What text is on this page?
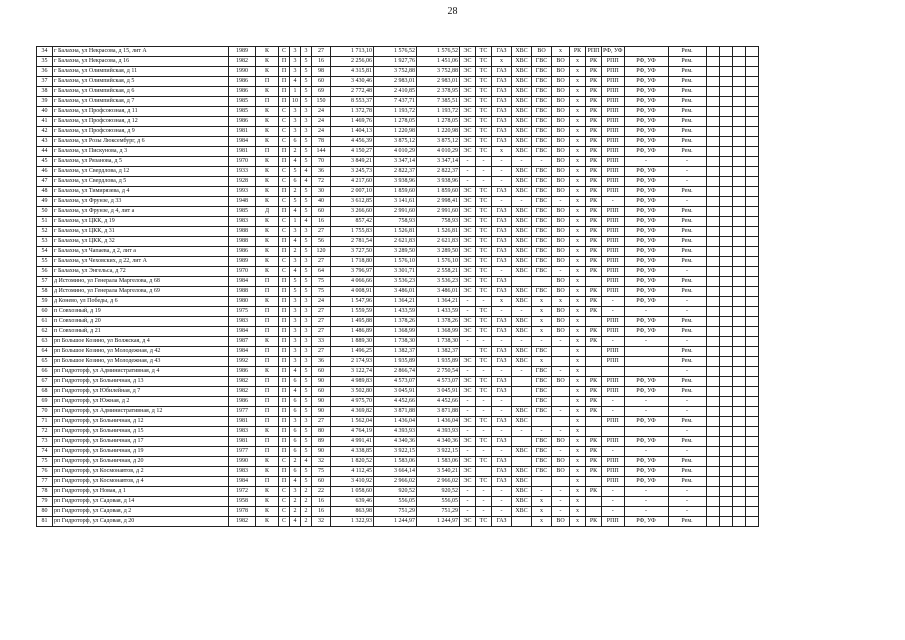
28
34	г Балахна, ул Некрасова, д 15, лит А	1989	К	С	3	3	27	1 713,10	1 576,52	1 576,52	ЭС	ТС	ГАЗ	ХВС	ВО	х	РК	РПП	РФ, УФ		Рем.				
35	г Балахна, ул Некрасова, д 16	1982	К	П	3	5	16	2 256,06	1 927,76	1 451,06	ЭС	ТС	х	ХВС	ГВС	ВО	х	РК	РПП	РФ, УФ	Рем.				
36	г Балахна, ул Олимпийская, д 11	1990	К	П	3	5	98	4 315,81	3 752,88	3 752,88	ЭС	ТС	ГАЗ	ХВС	ГВС	ВО	х	РК	РПП	РФ, УФ	Рем.				
37	г Балахна, ул Олимпийская, д 5	1986	П	П	4	5	60	3 430,46	2 983,01	2 983,01	ЭС	ТС	ГАЗ	ХВС	ГВС	ВО	х	РК	РПП	РФ, УФ	Рем.				
38	г Балахна, ул Олимпийская, д 6	1986	К	П	1	5	69	2 772,48	2 410,85	2 378,95	ЭС	ТС	ГАЗ	ХВС	ГВС	ВО	х	РК	РПП	РФ, УФ	Рем.				
39	г Балахна, ул Олимпийская, д 7	1985	П	П	10	5	150	8 553,37	7 437,71	7 385,51	ЭС	ТС	ГАЗ	ХВС	ГВС	ВО	х	РК	РПП	РФ, УФ	Рем.				
40	г Балахна, ул Профсоюзная, д 11	1985	К	С	3	3	24	1 372,78	1 193,72	1 193,72	ЭС	ТС	ГАЗ	ХВС	ГВС	ВО	х	РК	РПП	РФ, УФ	Рем.				
41	г Балахна, ул Профсоюзная, д 12	1986	К	С	3	3	24	1 469,76	1 278,05	1 278,05	ЭС	ТС	ГАЗ	ХВС	ГВС	ВО	х	РК	РПП	РФ, УФ	Рем.				
42	г Балахна, ул Профсоюзная, д 9	1981	К	С	3	3	24	1 404,13	1 220,98	1 220,98	ЭС	ТС	ГАЗ	ХВС	ГВС	ВО	х	РК	РПП	РФ, УФ	Рем.				
43	г Балахна, ул Розы Люксембург, д 6	1984	К	С	6	5	78	4 456,39	3 875,12	3 875,12	ЭС	ТС	ГАЗ	ХВС	ГВС	ВО	х	РК	РПП	РФ, УФ	Рем.				
44	г Балахна, ул Пискунова, д 3	1981	П	П	2	5	144	4 150,27	4 010,29	4 010,29	ЭС	ТС	х	ХВС	ГВС	ВО	х	РК	РПП	РФ, УФ	Рем.				
45	г Балахна, ул Рязанова, д 5	1970	К	П	4	5	70	3 849,21	3 347,14	3 347,14	-	-	-	-	-	ВО	х	РК	РПП	-	-				
46	г Балахна, ул Свердлова, д 12	1933	К	С	5	4	36	3 245,73	2 822,37	2 822,37	-	-	-	ХВС	ГВС	ВО	х	РК	РПП	РФ, УФ	-				
47	г Балахна, ул Свердлова, д 5	1928	К	С	6	4	72	4 217,60	3 938,96	3 938,96	-	-	-	ХВС	ГВС	ВО	х	РК	РПП	РФ, УФ	-				
48	г Балахна, ул Тимирязева, д 4	1993	К	П	2	5	30	2 007,10	1 859,60	1 859,60	ЭС	ТС	ГАЗ	ХВС	ГВС	ВО	х	РК	РПП	РФ, УФ	Рем.				
49	г Балахна, ул Фрунзе, д 33	1948	К	С	5	5	40	3 612,85	3 141,61	2 998,41	ЭС	ТС	-	-	ГВС	-	х	РК	-	РФ, УФ	-				
50	г Балахна, ул Фрунзе, д 4, лит а	1985	Д	П	4	5	60	3 266,60	2 991,60	2 991,60	ЭС	ТС	ГАЗ	ХВС	ГВС	ВО	х	РК	РПП	РФ, УФ	Рем.				
51	г Балахна, ул ЦКК, д 19	1983	К	С	1	4	16	857,42	758,93	758,93	ЭС	ТС	ГАЗ	ХВС	ГВС	ВО	х	РК	РПП	РФ, УФ	Рем.				
52	г Балахна, ул ЦКК, д 31	1988	К	С	3	3	27	1 755,83	1 526,81	1 526,81	ЭС	ТС	ГАЗ	ХВС	ГВС	ВО	х	РК	РПП	РФ, УФ	Рем.				
53	г Балахна, ул ЦКК, д 32	1988	К	П	4	5	56	2 781,54	2 621,83	2 621,83	ЭС	ТС	ГАЗ	ХВС	ГВС	ВО	х	РК	РПП	РФ, УФ	Рем.				
54	г Балахна, ул Чапаева, д 2, лит а	1986	К	П	2	5	120	3 727,50	3 289,50	3 289,50	ЭС	ТС	ГАЗ	ХВС	ГВС	ВО	х	РК	РПП	РФ, УФ	Рем.				
55	г Балахна, ул Чеховских, д 22, лит А	1989	К	С	3	3	27	1 718,80	1 576,10	1 576,10	ЭС	ТС	ГАЗ	ХВС	ГВС	ВО	х	РК	РПП	РФ, УФ	Рем.				
56	г Балахна, ул Энгельса, д 72	1970	К	С	4	5	64	3 796,97	3 301,71	2 558,21	ЭС	ТС	-	ХВС	ГВС	-	х	РК	РПП	РФ, УФ	-				
57	д Истомино, ул Генерала Маргелова, д 68	1984	П	П	5	5	75	4 066,66	3 536,23	3 536,23	ЭС	ТС	ГАЗ			ВО	х		РПП	РФ, УФ	Рем.				
58	д Истомино, ул Генерала Маргелова, д 69	1988	П	П	5	5	75	4 008,91	3 486,01	3 486,01	ЭС	ТС	ГАЗ	ХВС	ГВС	ВО	х	РК	РПП	РФ, УФ	Рем.				
59	д Конево, ул Победы, д 6	1980	К	П	3	3	24	1 547,96	1 364,21	1 364,21	-	-	х	ХВС	х	х	х	РК	-	РФ, УФ	-				
60	п Совхозный, д 19	1975	П	П	3	3	27	1 559,59	1 433,59	1 433,59	-	ТС	-	-	х	ВО	х	РК	-	-	-				
61	п Совхозный, д 20	1983	П	П	3	3	27	1 495,88	1 378,26	1 378,26	ЭС	ТС	ГАЗ	ХВС	х	ВО	х		РПП	РФ, УФ	Рем.				
62	п Совхозный, д 21	1984	П	П	3	3	27	1 486,89	1 368,99	1 368,99	ЭС	ТС	ГАЗ	ХВС	х	ВО	х	РК	РПП	РФ, УФ	Рем.				
63	рп Большое Козино, ул Волжская, д 4	1987	К	П	3	3	33	1 889,30	1 738,30	1 738,30	-	-	-	-	-	-	х	РК	-	-	-				
64	рп Большое Козино, ул Молодежная, д 42	1984	П	П	3	3	27	1 496,25	1 382,37	1 382,37		ТС	ГАЗ	ХВС	ГВС		х		РПП		Рем.				
65	рп Большое Козино, ул Молодежная, д 43	1992	П	П	3	3	36	2 174,93	1 935,89	1 935,89	ЭС	ТС	ГАЗ	ХВС	х		х		РПП		Рем.				
66	рп Гидроторф, ул Административная, д 4	1986	К	П	4	5	60	3 122,74	2 866,74	2 750,54	-	-	-	-	ГВС	-	х				-				
67	рп Гидроторф, ул Больничная, д 13	1982	П	П	6	5	90	4 989,83	4 573,07	4 573,07	ЭС	ТС	ГАЗ		ГВС	ВО	х	РК	РПП	РФ, УФ	Рем.				
68	рп Гидроторф, ул Юбилейная, д 7	1982	П	П	4	5	60	3 502,80	3 045,91	3 045,91	ЭС	ТС	ГАЗ		ГВС		х	РК	РПП	РФ, УФ	Рем.				
69	рп Гидроторф, ул Южная, д 2	1986	П	П	6	5	90	4 975,70	4 452,66	4 452,66	-	-	-		ГВС		х	РК	-	-	-				
70	рп Гидроторф, ул Административная, д 12	1977	П	П	6	5	90	4 369,82	3 871,88	3 871,88	-	-	-	ХВС	ГВС	-	х	РК	-	-	-				
71	рп Гидроторф, ул Больничная, д 12	1981	П	П	3	3	27	1 562,04	1 436,04	1 436,04	ЭС	ТС	ГАЗ	ХВС			х		РПП	РФ, УФ	Рем.				
72	рп Гидроторф, ул Больничная, д 15	1983	К	П	6	5	80	4 764,19	4 393,93	4 393,93	-	-	-	-	-	-	х				-				
73	рп Гидроторф, ул Больничная, д 17	1981	П	П	6	5	89	4 991,41	4 340,36	4 340,36	ЭС	ТС	ГАЗ		ГВС	ВО	х	РК	РПП	РФ, УФ	Рем.				
74	рп Гидроторф, ул Больничная, д 19	1977	П	П	6	5	90	4 338,85	3 922,15	3 922,15	-	-	-	ХВС	ГВС	-	х	РК	-	-	-				
75	рп Гидроторф, ул Больничная, д 20	1990	К	С	2	4	32	1 820,52	1 583,06	1 583,06	ЭС	ТС	ГАЗ		ГВС	ВО	х	РК	РПП	РФ, УФ	Рем.				
76	рп Гидроторф, ул Космонавтов, д 2	1983	К	П	6	5	75	4 112,45	3 664,14	3 540,21	ЭС		ГАЗ	ХВС	ГВС	ВО	х	РК	РПП	РФ, УФ	Рем.				
77	рп Гидроторф, ул Космонавтов, д 4	1984	П	П	4	5	60	3 410,92	2 966,02	2 966,02	ЭС	ТС	ГАЗ	ХВС			х		РПП	РФ, УФ	Рем.				
78	рп Гидроторф, ул Новая, д 1	1972	К	С	3	2	22	1 058,60	920,52	920,52	-	-	-	ХВС	-	-	х	РК	-	-	-				
79	рп Гидроторф, ул Садовая, д 14	1958	К	С	2	2	16	639,46	556,05	556,05	-	-	-	ХВС	х	-	х		-	-	-				
80	рп Гидроторф, ул Садовая, д 2	1978	К	С	2	2	16	863,98	751,29	751,29	-	-	-	ХВС	х	-	х		-	-	-				
81	рп Гидроторф, ул Садовая, д 20	1982	К	С	4	2	32	1 322,93	1 244,97	1 244,97	ЭС	ТС	ГАЗ		х	ВО	х	РК	РПП	РФ, УФ	Рем.				
